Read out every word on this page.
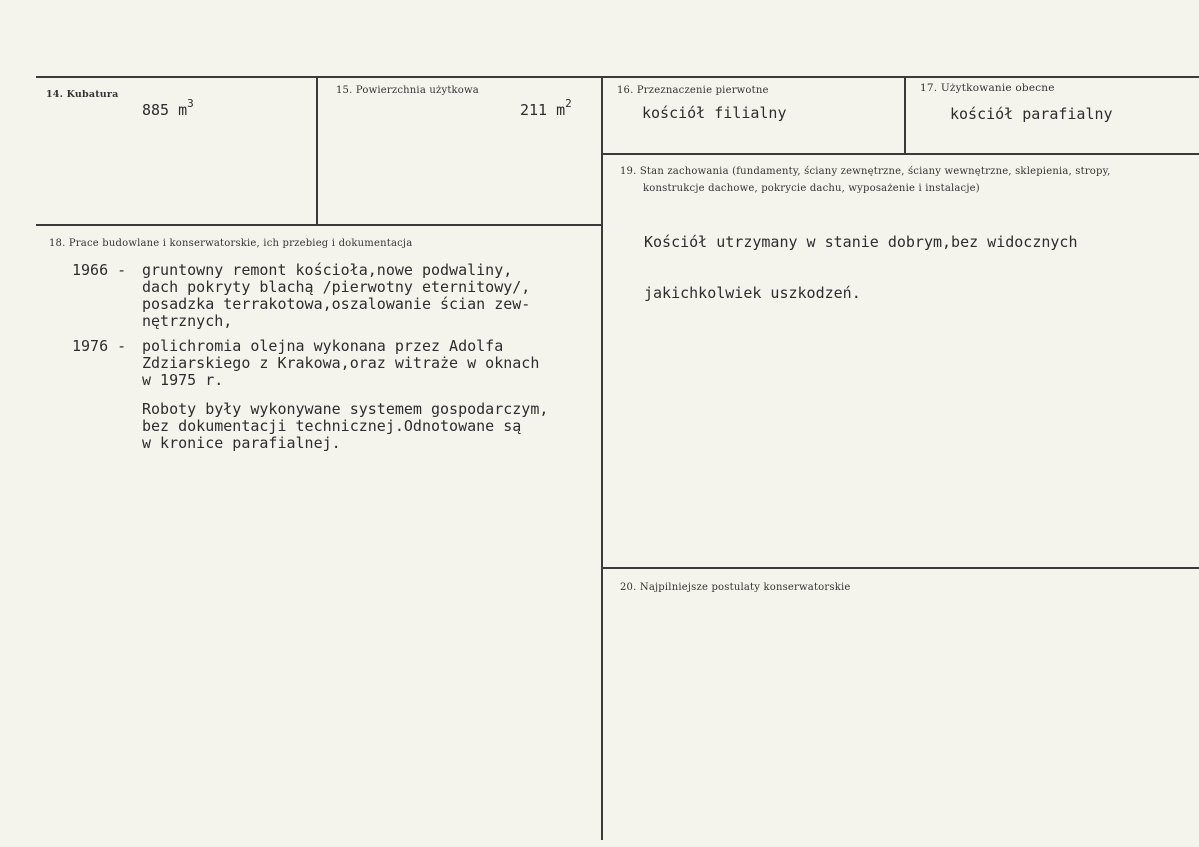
14. Kubatura
885 $m^3$
15. Powierzchnia użytkowa
211 $m^2$
16. Przeznaczenie pierwotne
kościół filialny
17. Użytkowanie obecne
kościół parafialny
19. Stan zachowania (fundamenty, ściany zewnętrzne, ściany wewnętrzne, sklepienia, stropy,
konstrukcje dachowe, pokrycie dachu, wyposażenie i instalacje)

Kościół utrzymany w stanie dobrym,bez widocznych

jakichkolwiek uszkodzeń.

18. Prace budowlane i konserwatorskie, ich przebieg i dokumentacja
1966 - gruntowny remont kościoła,nowe podwaliny,
dach pokryty blachą /pierwotny eternitowy/,
posadzka terrakotowa,oszalowanie ścian zew-
nętrznych,
1976 - polichromia olejna wykonana przez Adolfa
Zdziarskiego z Krakowa,oraz witraże w oknach
w 1975 r.
Roboty były wykonywane systemem gospodarczym,
bez dokumentacji technicznej.Odnotowane są
w kronice parafialnej.
20. Najpilniejsze postulaty konserwatorskie
